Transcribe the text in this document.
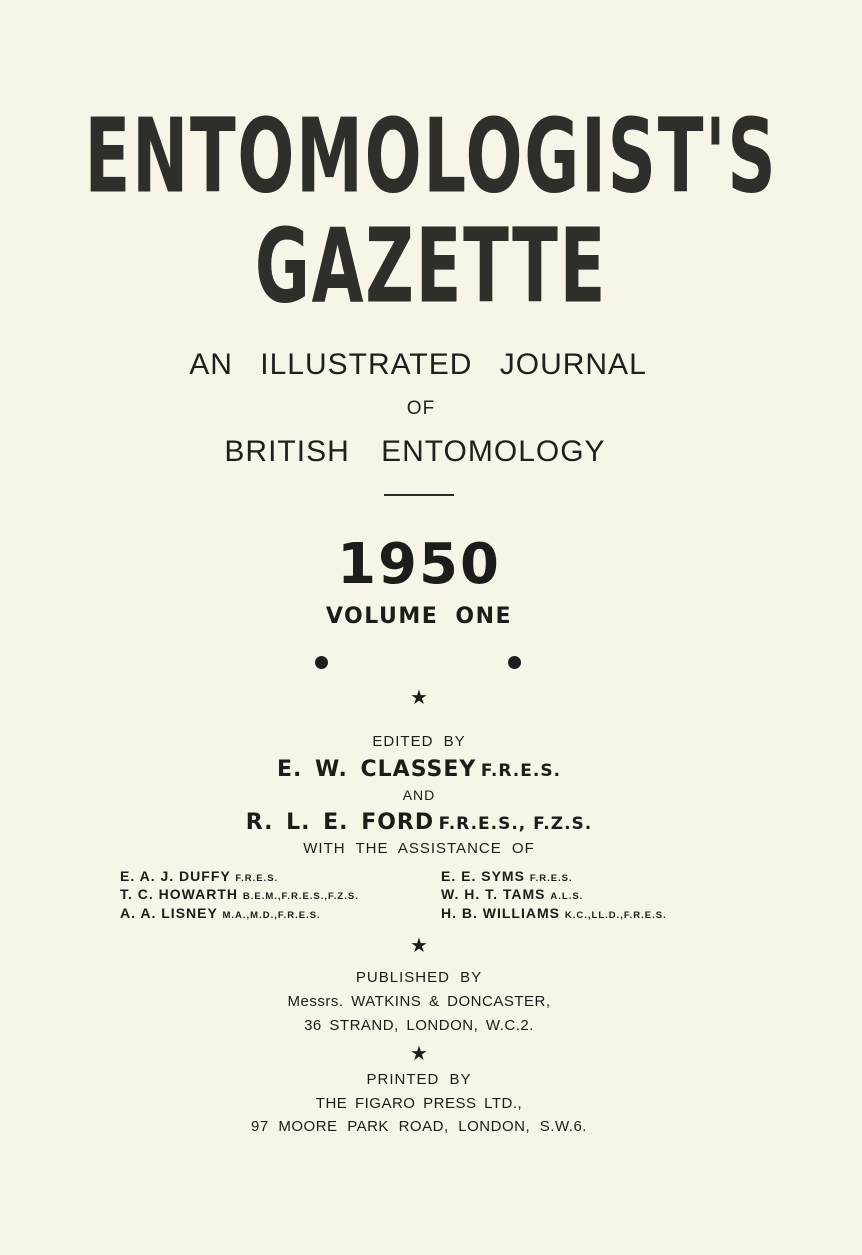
ENTOMOLOGIST'S
GAZETTE
AN ILLUSTRATED JOURNAL
OF
BRITISH ENTOMOLOGY
1950
VOLUME ONE
★
EDITED BY
E. W. CLASSEY F.R.E.S.
AND
R. L. E. FORD F.R.E.S., F.Z.S.
WITH THE ASSISTANCE OF
E. A. J. DUFFY F.R.E.S.	E. E. SYMS F.R.E.S.
T. C. HOWARTH B.E.M.,F.R.E.S.,F.Z.S.	W. H. T. TAMS A.L.S.
A. A. LISNEY M.A.,M.D.,F.R.E.S.	H. B. WILLIAMS K.C.,LL.D.,F.R.E.S.
★
PUBLISHED BY
Messrs. WATKINS & DONCASTER,
36 STRAND, LONDON, W.C.2.
★
PRINTED BY
THE FIGARO PRESS LTD.,
97 MOORE PARK ROAD, LONDON, S.W.6.
